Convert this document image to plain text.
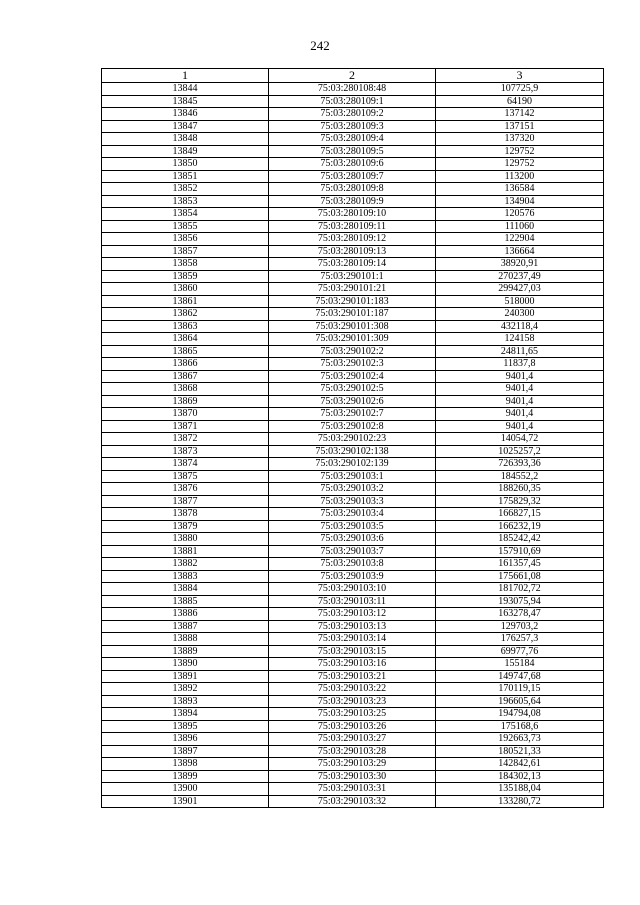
242
1	2	3
13844	75:03:280108:48	107725,9
13845	75:03:280109:1	64190
13846	75:03:280109:2	137142
13847	75:03:280109:3	137151
13848	75:03:280109:4	137320
13849	75:03:280109:5	129752
13850	75:03:280109:6	129752
13851	75:03:280109:7	113200
13852	75:03:280109:8	136584
13853	75:03:280109:9	134904
13854	75:03:280109:10	120576
13855	75:03:280109:11	111060
13856	75:03:280109:12	122904
13857	75:03:280109:13	136664
13858	75:03:280109:14	38920,91
13859	75:03:290101:1	270237,49
13860	75:03:290101:21	299427,03
13861	75:03:290101:183	518000
13862	75:03:290101:187	240300
13863	75:03:290101:308	432118,4
13864	75:03:290101:309	124158
13865	75:03:290102:2	24811,65
13866	75:03:290102:3	11837,8
13867	75:03:290102:4	9401,4
13868	75:03:290102:5	9401,4
13869	75:03:290102:6	9401,4
13870	75:03:290102:7	9401,4
13871	75:03:290102:8	9401,4
13872	75:03:290102:23	14054,72
13873	75:03:290102:138	1025257,2
13874	75:03:290102:139	726393,36
13875	75:03:290103:1	184552,2
13876	75:03:290103:2	188260,35
13877	75:03:290103:3	175829,32
13878	75:03:290103:4	166827,15
13879	75:03:290103:5	166232,19
13880	75:03:290103:6	185242,42
13881	75:03:290103:7	157910,69
13882	75:03:290103:8	161357,45
13883	75:03:290103:9	175661,08
13884	75:03:290103:10	181702,72
13885	75:03:290103:11	193075,94
13886	75:03:290103:12	163278,47
13887	75:03:290103:13	129703,2
13888	75:03:290103:14	176257,3
13889	75:03:290103:15	69977,76
13890	75:03:290103:16	155184
13891	75:03:290103:21	149747,68
13892	75:03:290103:22	170119,15
13893	75:03:290103:23	196605,64
13894	75:03:290103:25	194794,08
13895	75:03:290103:26	175168,6
13896	75:03:290103:27	192663,73
13897	75:03:290103:28	180521,33
13898	75:03:290103:29	142842,61
13899	75:03:290103:30	184302,13
13900	75:03:290103:31	135188,04
13901	75:03:290103:32	133280,72
